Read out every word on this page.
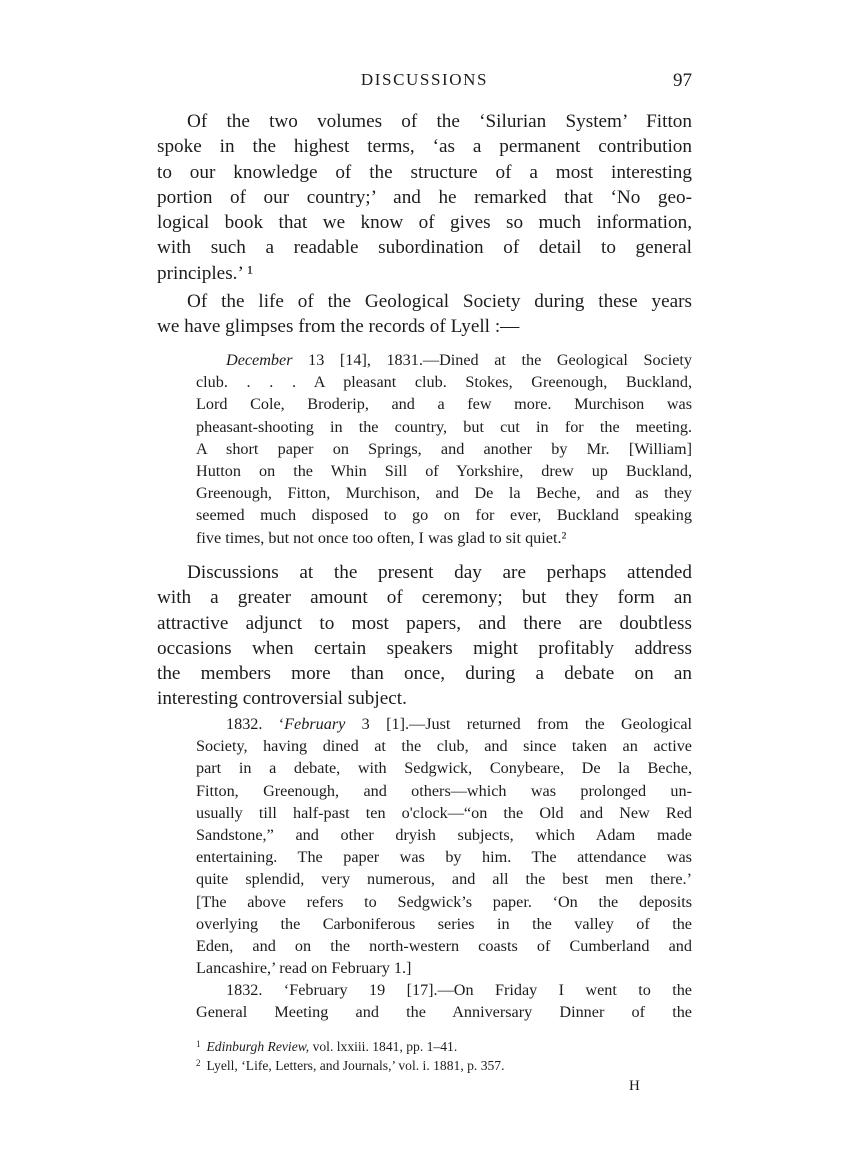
DISCUSSIONS	97
Of the two volumes of the ‘Silurian System’ Fitton
spoke in the highest terms, ‘as a permanent contribution
to our knowledge of the structure of a most interesting
portion of our country;’ and he remarked that ‘No geo-
logical book that we know of gives so much information,
with such a readable subordination of detail to general
principles.’ ¹
Of the life of the Geological Society during these years
we have glimpses from the records of Lyell :—
December 13 [14], 1831.—Dined at the Geological Society
club. . . . A pleasant club. Stokes, Greenough, Buckland,
Lord Cole, Broderip, and a few more. Murchison was
pheasant-shooting in the country, but cut in for the meeting.
A short paper on Springs, and another by Mr. [William]
Hutton on the Whin Sill of Yorkshire, drew up Buckland,
Greenough, Fitton, Murchison, and De la Beche, and as they
seemed much disposed to go on for ever, Buckland speaking
five times, but not once too often, I was glad to sit quiet.²
Discussions at the present day are perhaps attended
with a greater amount of ceremony; but they form an
attractive adjunct to most papers, and there are doubtless
occasions when certain speakers might profitably address
the members more than once, during a debate on an
interesting controversial subject.
1832. ‘February 3 [1].—Just returned from the Geological
Society, having dined at the club, and since taken an active
part in a debate, with Sedgwick, Conybeare, De la Beche,
Fitton, Greenough, and others—which was prolonged un-
usually till half-past ten o'clock—“on the Old and New Red
Sandstone,” and other dryish subjects, which Adam made
entertaining. The paper was by him. The attendance was
quite splendid, very numerous, and all the best men there.’
[The above refers to Sedgwick’s paper. ‘On the deposits
overlying the Carboniferous series in the valley of the
Eden, and on the north-western coasts of Cumberland and
Lancashire,’ read on February 1.]
1832. ‘February 19 [17].—On Friday I went to the
General Meeting and the Anniversary Dinner of the
$^1$ Edinburgh Review, vol. lxxiii. 1841, pp. 1–41.
$^2$ Lyell, ‘Life, Letters, and Journals,’ vol. i. 1881, p. 357.
H
